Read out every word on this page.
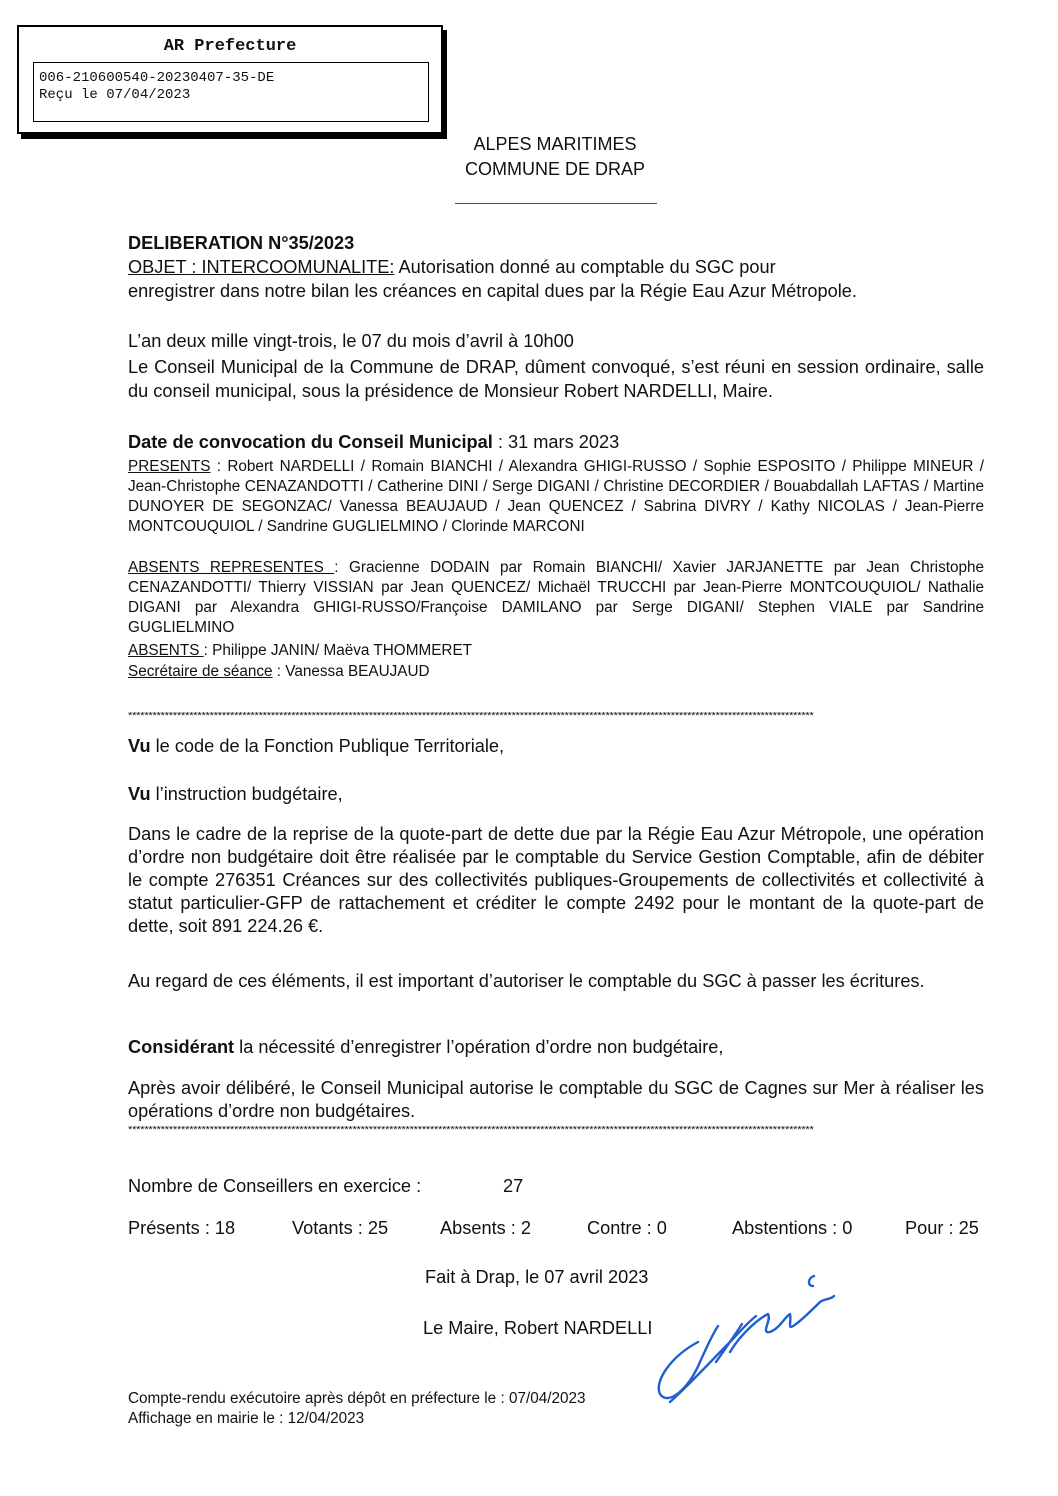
AR Prefecture
006-210600540-20230407-35-DE
Reçu le 07/04/2023
ALPES MARITIMES
COMMUNE DE DRAP
DELIBERATION N°35/2023
OBJET : INTERCOOMUNALITE: Autorisation donné au comptable du SGC pour
enregistrer dans notre bilan les créances en capital dues par la Régie Eau Azur Métropole.
L’an deux mille vingt-trois, le 07 du mois d’avril à 10h00
Le Conseil Municipal de la Commune de DRAP, dûment convoqué, s’est réuni en session ordinaire, salle du conseil municipal, sous la présidence de Monsieur Robert NARDELLI, Maire.
Date de convocation du Conseil Municipal : 31 mars 2023
PRESENTS : Robert NARDELLI / Romain BIANCHI / Alexandra GHIGI-RUSSO / Sophie ESPOSITO / Philippe MINEUR / Jean-Christophe CENAZANDOTTI / Catherine DINI / Serge DIGANI / Christine DECORDIER / Bouabdallah LAFTAS / Martine DUNOYER DE SEGONZAC/ Vanessa BEAUJAUD / Jean QUENCEZ / Sabrina DIVRY / Kathy NICOLAS / Jean-Pierre MONTCOUQUIOL / Sandrine GUGLIELMINO / Clorinde MARCONI
ABSENTS REPRESENTES : Gracienne DODAIN par Romain BIANCHI/ Xavier JARJANETTE par Jean Christophe CENAZANDOTTI/ Thierry VISSIAN par Jean QUENCEZ/ Michaël TRUCCHI par Jean-Pierre MONTCOUQUIOL/ Nathalie DIGANI par Alexandra GHIGI-RUSSO/Françoise DAMILANO par Serge DIGANI/ Stephen VIALE par Sandrine GUGLIELMINO
ABSENTS : Philippe JANIN/ Maëva THOMMERET
Secrétaire de séance : Vanessa BEAUJAUD
*****
Vu le code de la Fonction Publique Territoriale,
Vu l’instruction budgétaire,
Dans le cadre de la reprise de la quote-part de dette due par la Régie Eau Azur Métropole, une opération d’ordre non budgétaire doit être réalisée par le comptable du Service Gestion Comptable, afin de débiter le compte 276351 Créances sur des collectivités publiques-Groupements de collectivités et collectivité à statut particulier-GFP de rattachement et créditer le compte 2492 pour le montant de la quote-part de dette, soit 891 224.26 €.
Au regard de ces éléments, il est important d’autoriser le comptable du SGC à passer les écritures.
Considérant la nécessité d’enregistrer l’opération d’ordre non budgétaire,
Après avoir délibéré, le Conseil Municipal autorise le comptable du SGC de Cagnes sur Mer à réaliser les opérations d’ordre non budgétaires.
*****
Nombre de Conseillers en exercice :	27
Présents : 18	Votants : 25	Absents : 2	Contre : 0	Abstentions : 0	Pour : 25
Fait à Drap, le 07 avril 2023
Le Maire, Robert NARDELLI
Compte-rendu exécutoire après dépôt en préfecture le : 07/04/2023
Affichage en mairie le : 12/04/2023
